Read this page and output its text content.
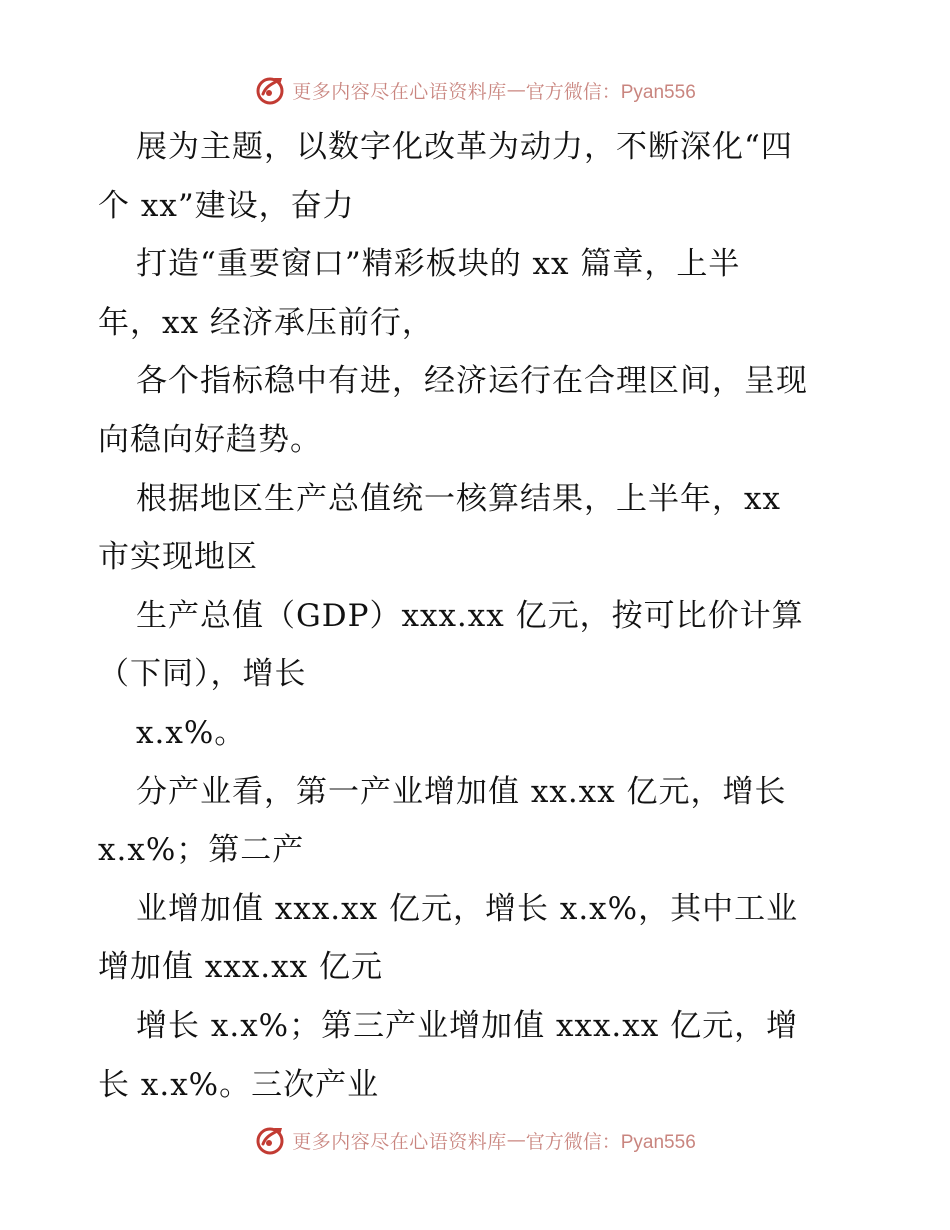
更多内容尽在心语资料库 — 官方微信：Pyan556
展为主题，以数字化改革为动力，不断深化“四
个 xx”建设，奋力
打造“重要窗口”精彩板块的 xx 篇章，上半
年，xx 经济承压前行，
各个指标稳中有进，经济运行在合理区间，呈现
向稳向好趋势。
根据地区生产总值统一核算结果，上半年，xx
市实现地区
生产总值（GDP）xxx.xx 亿元，按可比价计算
（下同），增长
x.x%。
分产业看，第一产业增加值 xx.xx 亿元，增长
x.x%；第二产
业增加值 xxx.xx 亿元，增长 x.x%，其中工业
增加值 xxx.xx 亿元
增长 x.x%；第三产业增加值 xxx.xx 亿元，增
长 x.x%。三次产业
更多内容尽在心语资料库 — 官方微信：Pyan556
